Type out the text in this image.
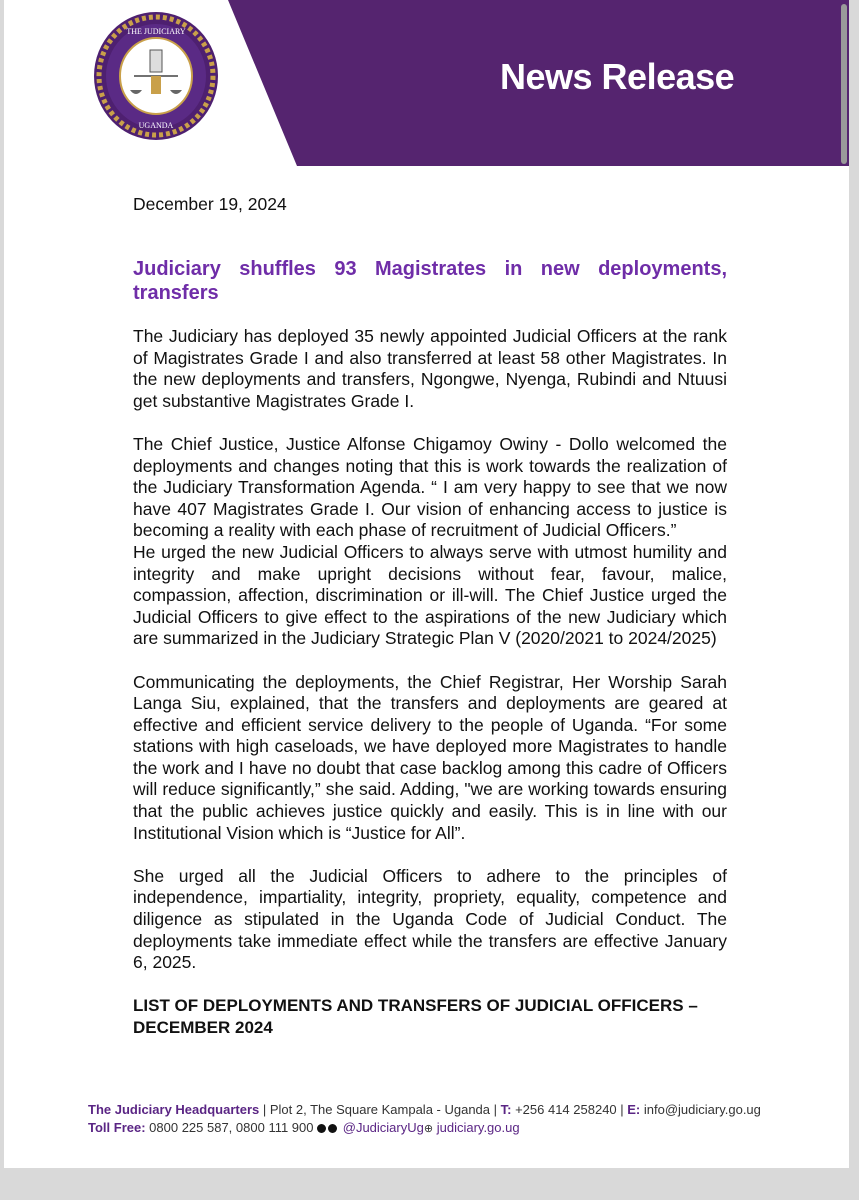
THE JUDICIARY
UGANDA
News Release
December 19, 2024
Judiciary shuffles 93 Magistrates in new deployments, transfers

The Judiciary has deployed 35 newly appointed Judicial Officers at the rank of Magistrates Grade I and also transferred at least 58 other Magistrates. In the new deployments and transfers, Ngongwe, Nyenga, Rubindi and Ntuusi get substantive Magistrates Grade I.

The Chief Justice, Justice Alfonse Chigamoy Owiny - Dollo welcomed the deployments and changes noting that this is work towards the realization of the Judiciary Transformation Agenda. “ I am very happy to see that we now have 407 Magistrates Grade I. Our vision of enhancing access to justice is becoming a reality with each phase of recruitment of Judicial Officers.”

He urged the new Judicial Officers to always serve with utmost humility and integrity and make upright decisions without fear, favour, malice, compassion, affection, discrimination or ill-will. The Chief Justice urged the Judicial Officers to give effect to the aspirations of the new Judiciary which are summarized in the Judiciary Strategic Plan V (2020/2021 to 2024/2025)

Communicating the deployments, the Chief Registrar, Her Worship Sarah Langa Siu, explained, that the transfers and deployments are geared at effective and efficient service delivery to the people of Uganda. “For some stations with high caseloads, we have deployed more Magistrates to handle the work and I have no doubt that case backlog among this cadre of Officers will reduce significantly,” she said. Adding, "we are working towards ensuring that the public achieves justice quickly and easily. This is in line with our Institutional Vision which is “Justice for All”.

She urged all the Judicial Officers to adhere to the principles of independence, impartiality, integrity, propriety, equality, competence and diligence as stipulated in the Uganda Code of Judicial Conduct. The deployments take immediate effect while the transfers are effective January 6, 2025.

LIST OF DEPLOYMENTS AND TRANSFERS OF JUDICIAL OFFICERS – DECEMBER 2024

The Judiciary Headquarters | Plot 2, The Square Kampala - Uganda | T: +256 414 258240 | E: info@judiciary.go.ug
Toll Free: 0800 225 587, 0800 111 900  @JudiciaryUg⊕ judiciary.go.ug
